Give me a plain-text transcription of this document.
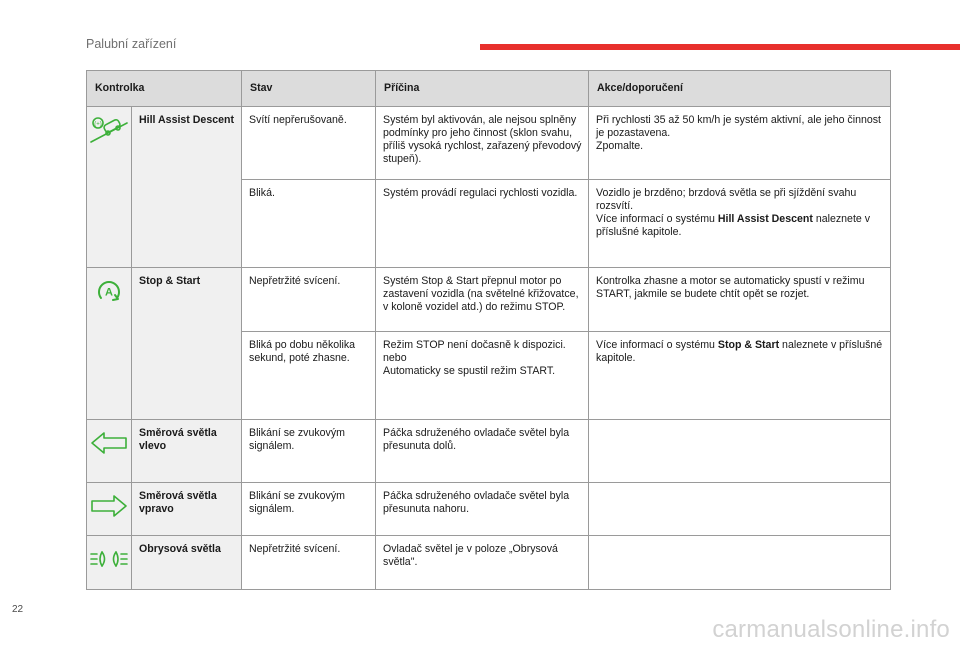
Palubní zařízení
Kontrolka		Stav	Příčina	Akce/doporučení

(+)	Hill Assist Descent	Svítí nepřerušovaně.	Systém byl aktivován, ale nejsou splněny podmínky pro jeho činnost (sklon svahu, příliš vysoká rychlost, zařazený převodový stupeň).	Při rychlosti 35 až 50 km/h je systém aktivní, ale jeho činnost je pozastavena.
Zpomalte.

		Bliká.	Systém provádí regulaci rychlosti vozidla.	Vozidlo je brzděno; brzdová světla se při sjíždění svahu rozsvítí.
Více informací o systému Hill Assist Descent naleznete v příslušné kapitole.

A	Stop & Start	Nepřetržité svícení.	Systém Stop & Start přepnul motor po zastavení vozidla (na světelné křižovatce, v koloně vozidel atd.) do režimu STOP.	Kontrolka zhasne a motor se automaticky spustí v režimu START, jakmile se budete chtít opět se rozjet.
		Bliká po dobu několika sekund, poté zhasne.	Režim STOP není dočasně k dispozici.
nebo
Automaticky se spustil režim START.	Více informací o systému Stop & Start naleznete v příslušné kapitole.

	Směrová světla vlevo	Blikání se zvukovým signálem.	Páčka sdruženého ovladače světel byla přesunuta dolů.	

	Směrová světla vpravo	Blikání se zvukovým signálem.	Páčka sdruženého ovladače světel byla přesunuta nahoru.	

	Obrysová světla	Nepřetržité svícení.	Ovladač světel je v poloze „Obrysová světla".	
22
carmanualsonline.info
